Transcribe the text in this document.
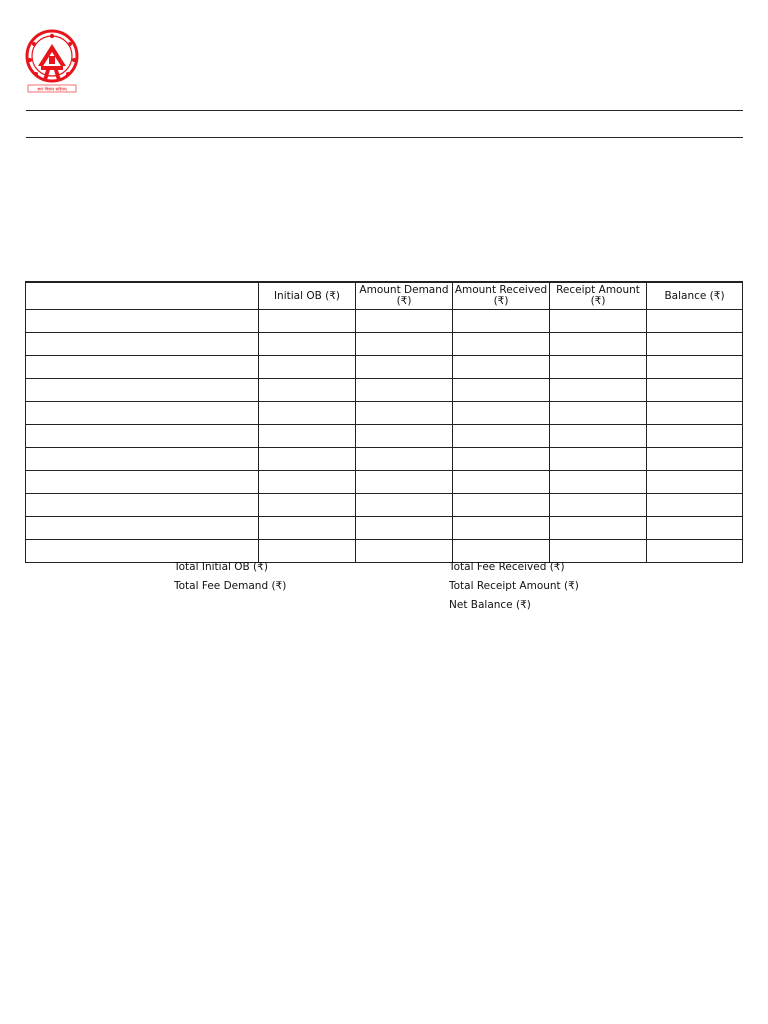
ज्ञानं विज्ञान सहितम्
	Initial OB (₹)	Amount Demand (₹)	Amount Received (₹)	Receipt Amount (₹)	Balance (₹)

Total Initial OB (₹)
Total Fee Demand (₹)
Total Fee Received (₹)
Total Receipt Amount (₹)
Net Balance (₹)
